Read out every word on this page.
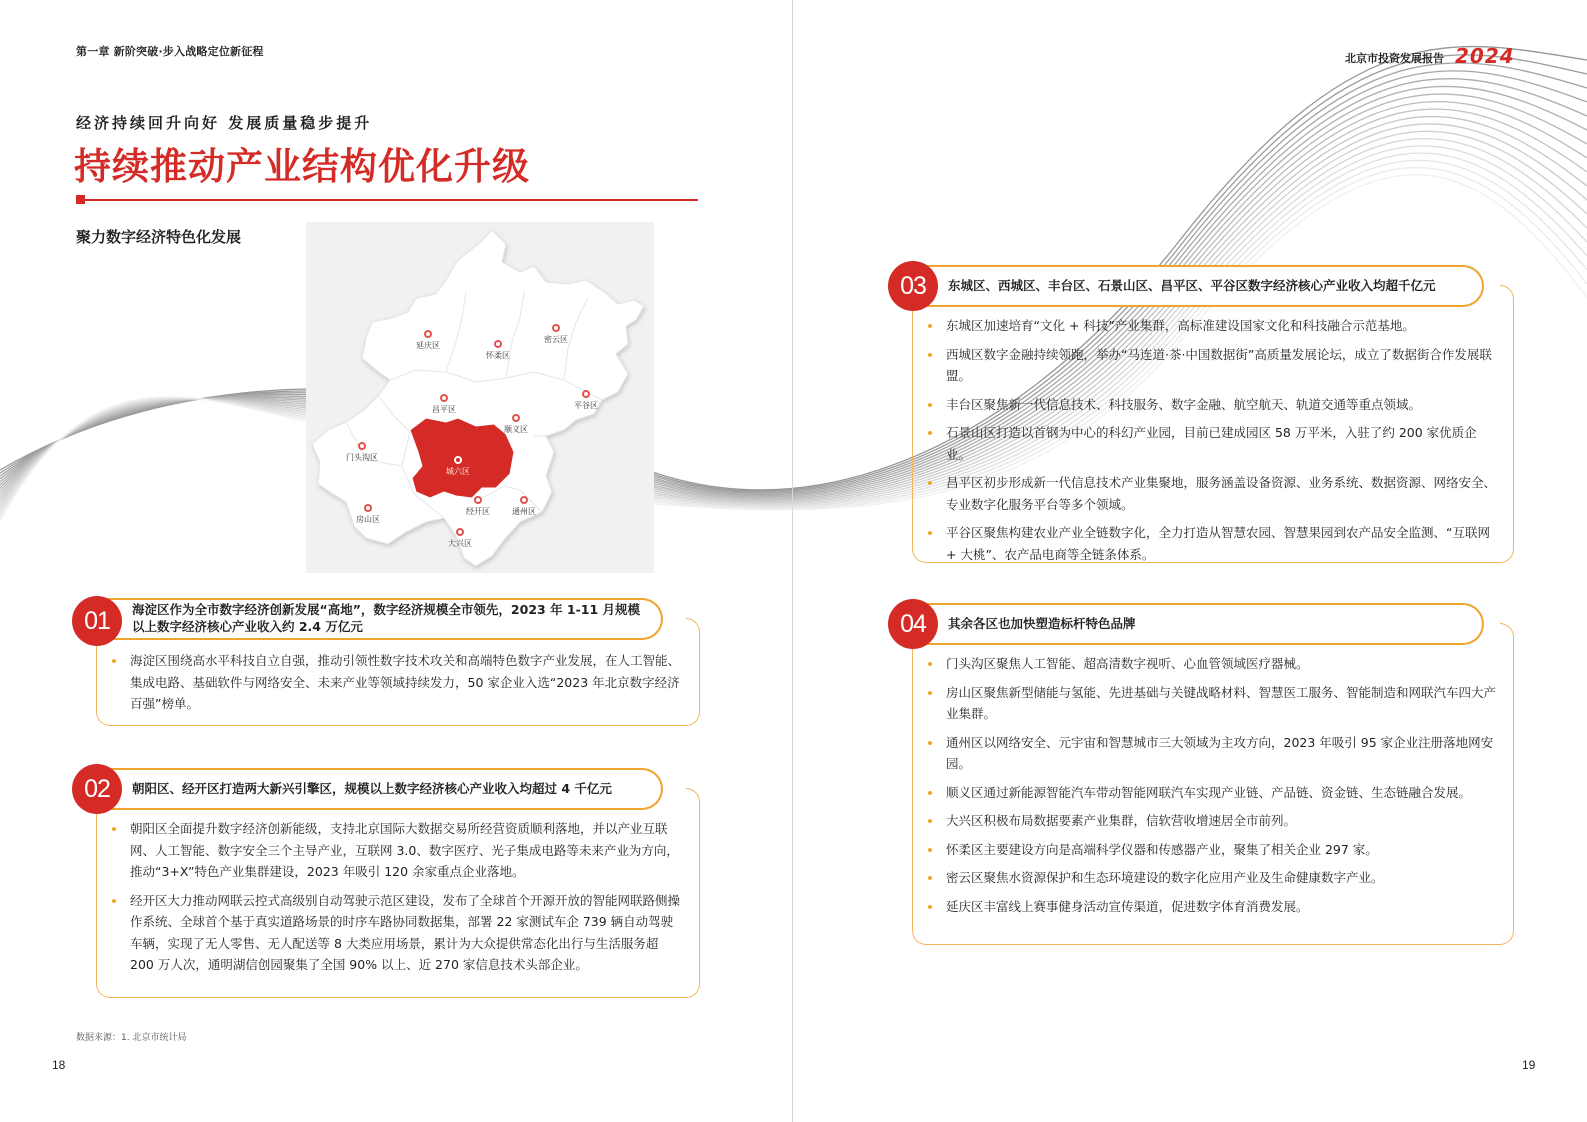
第一章 新阶突破·步入战略定位新征程
经济持续回升向好 发展质量稳步提升
持续推动产业结构优化升级
聚力数字经济特色化发展
延庆区
怀柔区
密云区
平谷区
昌平区
顺义区
门头沟区
城六区
经开区	通州区
房山区
大兴区
01	海淀区作为全市数字经济创新发展“高地”，数字经济规模全市领先，2023 年 1-11 月规模以上数字经济核心产业收入约 2.4 万亿元
海淀区围绕高水平科技自立自强，推动引领性数字技术攻关和高端特色数字产业发展，在人工智能、集成电路、基础软件与网络安全、未来产业等领域持续发力，50 家企业入选“2023 年北京数字经济百强”榜单。
02	朝阳区、经开区打造两大新兴引擎区，规模以上数字经济核心产业收入均超过 4 千亿元
朝阳区全面提升数字经济创新能级，支持北京国际大数据交易所经营资质顺利落地，并以产业互联网、人工智能、数字安全三个主导产业，互联网 3.0、数字医疗、光子集成电路等未来产业为方向，推动“3+X”特色产业集群建设，2023 年吸引 120 余家重点企业落地。
经开区大力推动网联云控式高级别自动驾驶示范区建设，发布了全球首个开源开放的智能网联路侧操作系统、全球首个基于真实道路场景的时序车路协同数据集，部署 22 家测试车企 739 辆自动驾驶车辆，实现了无人零售、无人配送等 8 大类应用场景，累计为大众提供常态化出行与生活服务超 200 万人次，通明湖信创园聚集了全国 90% 以上、近 270 家信息技术头部企业。
数据来源：1. 北京市统计局
18
北京市投资发展报告 2024
03	东城区、西城区、丰台区、石景山区、昌平区、平谷区数字经济核心产业收入均超千亿元
东城区加速培育“文化 + 科技”产业集群，高标准建设国家文化和科技融合示范基地。
西城区数字金融持续领跑，举办“马连道·茶·中国数据街”高质量发展论坛，成立了数据街合作发展联盟。
丰台区聚焦新一代信息技术、科技服务、数字金融、航空航天、轨道交通等重点领域。
石景山区打造以首钢为中心的科幻产业园，目前已建成园区 58 万平米，入驻了约 200 家优质企业。
昌平区初步形成新一代信息技术产业集聚地，服务涵盖设备资源、业务系统、数据资源、网络安全、专业数字化服务平台等多个领域。
平谷区聚焦构建农业产业全链数字化，全力打造从智慧农园、智慧果园到农产品安全监测、“互联网 + 大桃”、农产品电商等全链条体系。
04	其余各区也加快塑造标杆特色品牌
门头沟区聚焦人工智能、超高清数字视听、心血管领域医疗器械。
房山区聚焦新型储能与氢能、先进基础与关键战略材料、智慧医工服务、智能制造和网联汽车四大产业集群。
通州区以网络安全、元宇宙和智慧城市三大领域为主攻方向，2023 年吸引 95 家企业注册落地网安园。
顺义区通过新能源智能汽车带动智能网联汽车实现产业链、产品链、资金链、生态链融合发展。
大兴区积极布局数据要素产业集群，信软营收增速居全市前列。
怀柔区主要建设方向是高端科学仪器和传感器产业，聚集了相关企业 297 家。
密云区聚焦水资源保护和生态环境建设的数字化应用产业及生命健康数字产业。
延庆区丰富线上赛事健身活动宣传渠道，促进数字体育消费发展。
19
